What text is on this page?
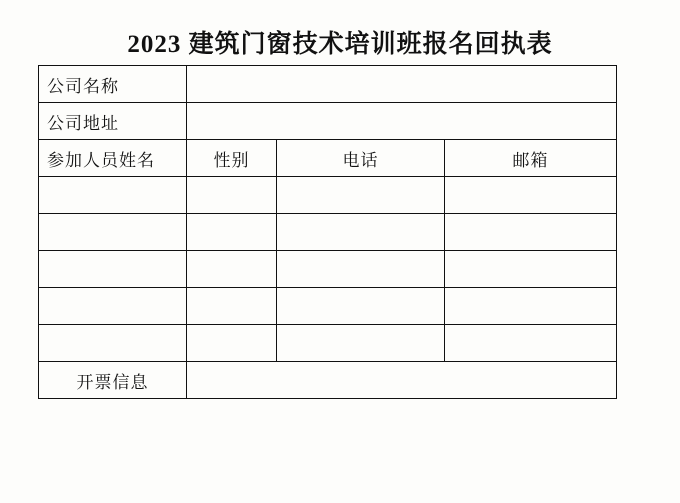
2023 建筑门窗技术培训班报名回执表
公司名称			
公司地址			
参加人员姓名	性别	电话	邮箱

开票信息			
